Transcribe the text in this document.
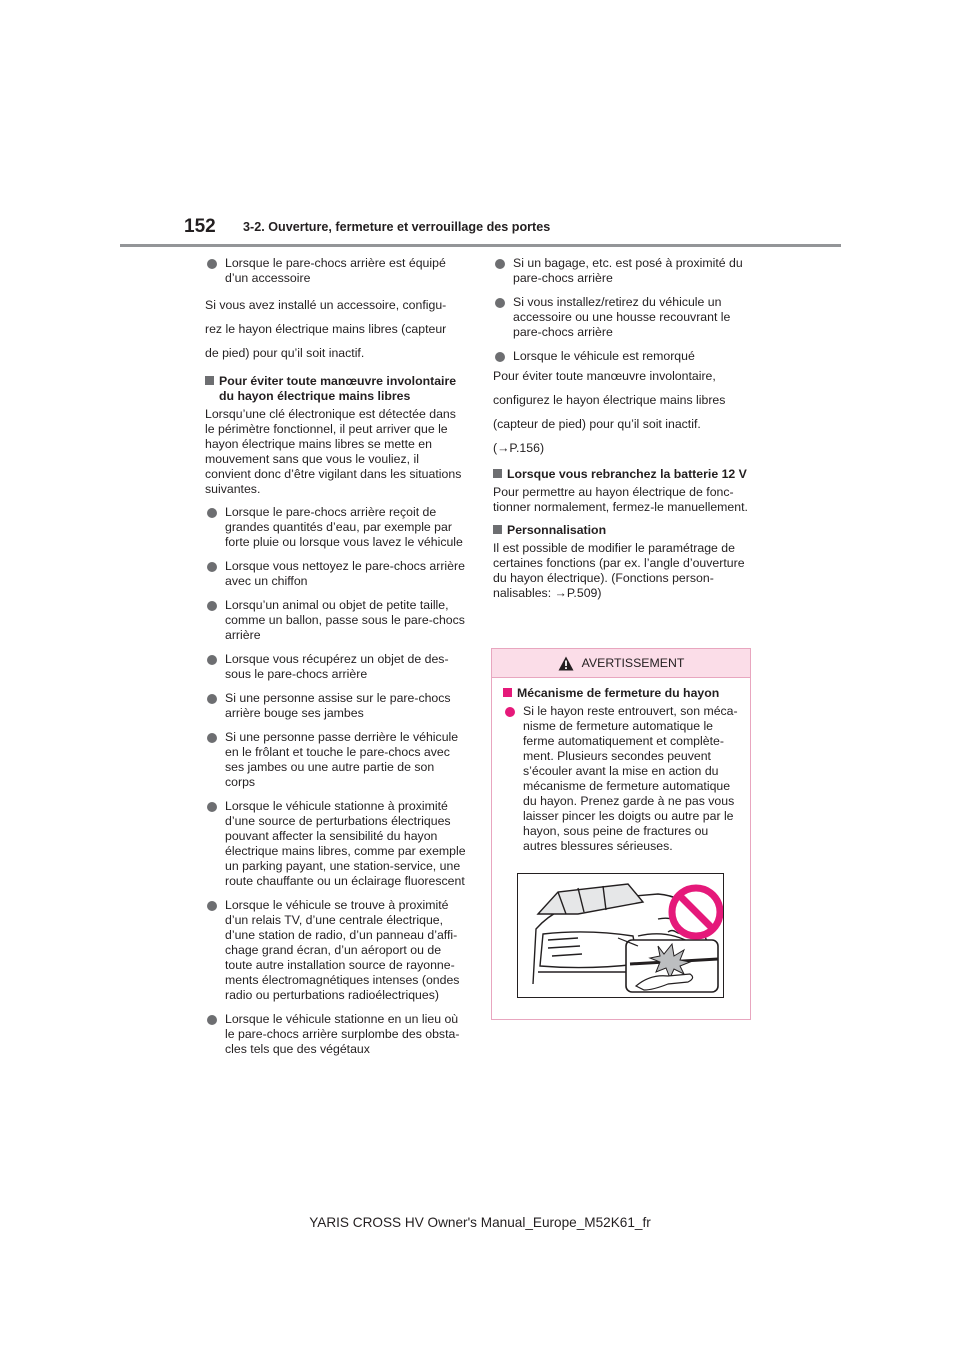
152 3-2. Ouverture, fermeture et verrouillage des portes
Lorsque le pare-chocs arrière est équipé d’un accessoire
Si vous avez installé un accessoire, configu-
rez le hayon électrique mains libres (capteur
de pied) pour qu’il soit inactif.
Pour éviter toute manœuvre involontaire du hayon électrique mains libres
Lorsqu’une clé électronique est détectée dans le périmètre fonctionnel, il peut arriver que le hayon électrique mains libres se mette en mouvement sans que vous le vouliez, il convient donc d’être vigilant dans les situations suivantes.
Lorsque le pare-chocs arrière reçoit de grandes quantités d’eau, par exemple par forte pluie ou lorsque vous lavez le véhicule
Lorsque vous nettoyez le pare-chocs arrière avec un chiffon
Lorsqu’un animal ou objet de petite taille, comme un ballon, passe sous le pare-chocs arrière
Lorsque vous récupérez un objet de dessous le pare-chocs arrière
Si une personne assise sur le pare-chocs arrière bouge ses jambes
Si une personne passe derrière le véhicule en le frôlant et touche le pare-chocs avec ses jambes ou une autre partie de son corps
Lorsque le véhicule stationne à proximité d’une source de perturbations électriques pouvant affecter la sensibilité du hayon électrique mains libres, comme par exemple un parking payant, une station-service, une route chauffante ou un éclairage fluorescent
Lorsque le véhicule se trouve à proximité d’un relais TV, d’une centrale électrique, d’une station de radio, d’un panneau d’affichage grand écran, d’un aéroport ou de toute autre installation source de rayonnements électromagnétiques intenses (ondes radio ou perturbations radioélectriques)
Lorsque le véhicule stationne en un lieu où le pare-chocs arrière surplombe des obstacles tels que des végétaux
Si un bagage, etc. est posé à proximité du pare-chocs arrière
Si vous installez/retirez du véhicule un accessoire ou une housse recouvrant le pare-chocs arrière
Lorsque le véhicule est remorqué
Pour éviter toute manœuvre involontaire,
configurez le hayon électrique mains libres
(capteur de pied) pour qu’il soit inactif.
(→P.156)
Lorsque vous rebranchez la batterie 12 V
Pour permettre au hayon électrique de fonctionner normalement, fermez-le manuellement.
Personnalisation
Il est possible de modifier le paramétrage de certaines fonctions (par ex. l’angle d’ouverture du hayon électrique). (Fonctions personnalisables: →P.509)
AVERTISSEMENT
Mécanisme de fermeture du hayon
Si le hayon reste entrouvert, son mécanisme de fermeture automatique le ferme automatiquement et complètement. Plusieurs secondes peuvent s’écouler avant la mise en action du mécanisme de fermeture automatique du hayon. Prenez garde à ne pas vous laisser pincer les doigts ou autre par le hayon, sous peine de fractures ou autres blessures sérieuses.
YARIS CROSS HV Owner's Manual_Europe_M52K61_fr
